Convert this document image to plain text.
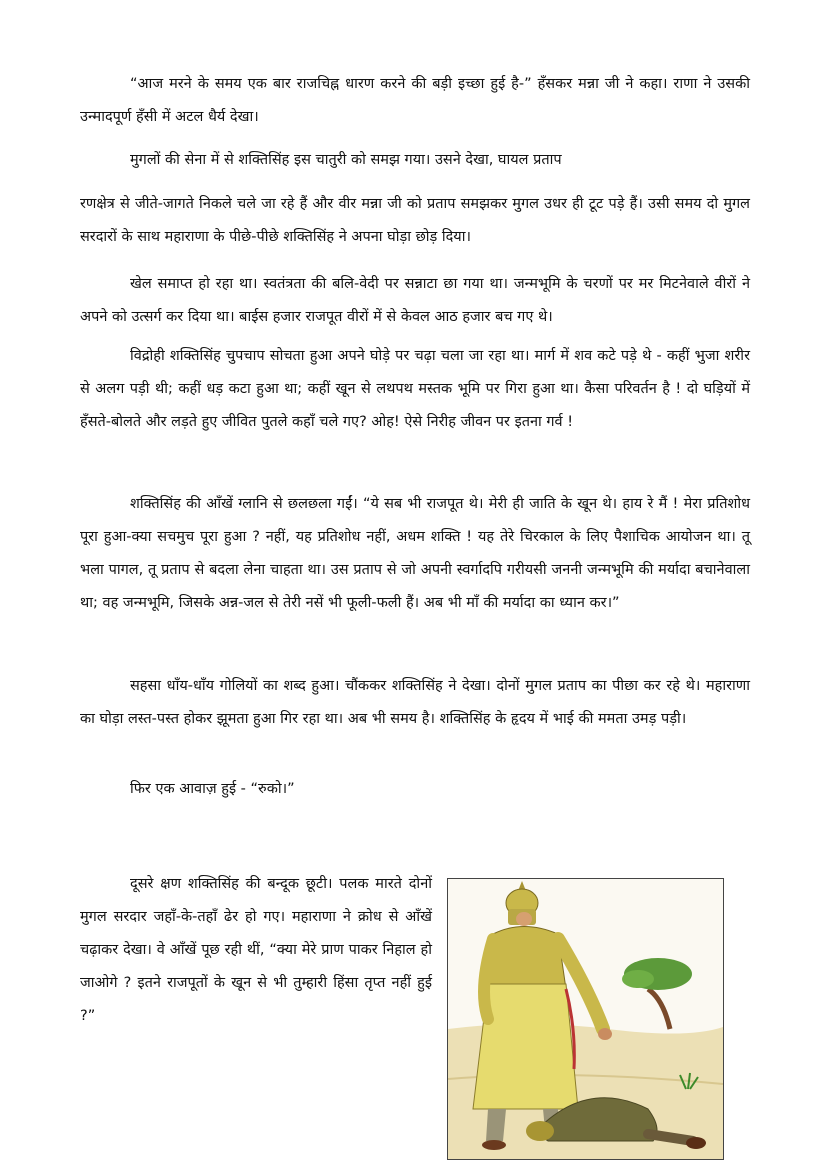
“आज मरने के समय एक बार राजचिह्न धारण करने की बड़ी इच्छा हुई है-” हँसकर मन्ना जी ने कहा। राणा ने उसकी उन्मादपूर्ण हँसी में अटल धैर्य देखा।

मुगलों की सेना में से शक्तिसिंह इस चातुरी को समझ गया। उसने देखा, घायल प्रताप

रणक्षेत्र से जीते-जागते निकले चले जा रहे हैं और वीर मन्ना जी को प्रताप समझकर मुगल उधर ही टूट पड़े हैं। उसी समय दो मुगल सरदारों के साथ महाराणा के पीछे-पीछे शक्तिसिंह ने अपना घोड़ा छोड़ दिया।

खेल समाप्त हो रहा था। स्वतंत्रता की बलि-वेदी पर सन्नाटा छा गया था। जन्मभूमि के चरणों पर मर मिटनेवाले वीरों ने अपने को उत्सर्ग कर दिया था। बाईस हजार राजपूत वीरों में से केवल आठ हजार बच गए थे।

विद्रोही शक्तिसिंह चुपचाप सोचता हुआ अपने घोड़े पर चढ़ा चला जा रहा था। मार्ग में शव कटे पड़े थे - कहीं भुजा शरीर से अलग पड़ी थी; कहीं धड़ कटा हुआ था; कहीं खून से लथपथ मस्तक भूमि पर गिरा हुआ था। कैसा परिवर्तन है ! दो घड़ियों में हँसते-बोलते और लड़ते हुए जीवित पुतले कहाँ चले गए? ओह! ऐसे निरीह जीवन पर इतना गर्व !

शक्तिसिंह की आँखें ग्लानि से छलछला गईं। “ये सब भी राजपूत थे। मेरी ही जाति के खून थे। हाय रे मैं ! मेरा प्रतिशोध पूरा हुआ-क्या सचमुच पूरा हुआ ? नहीं, यह प्रतिशोध नहीं, अधम शक्ति ! यह तेरे चिरकाल के लिए पैशाचिक आयोजन था। तू भला पागल, तू प्रताप से बदला लेना चाहता था। उस प्रताप से जो अपनी स्वर्गादपि गरीयसी जननी जन्मभूमि की मर्यादा बचानेवाला था; वह जन्मभूमि, जिसके अन्न-जल से तेरी नसें भी फूली-फली हैं। अब भी माँ की मर्यादा का ध्यान कर।”

सहसा धाँय-धाँय गोलियों का शब्द हुआ। चौंककर शक्तिसिंह ने देखा। दोनों मुगल प्रताप का पीछा कर रहे थे। महाराणा का घोड़ा लस्त-पस्त होकर झूमता हुआ गिर रहा था। अब भी समय है। शक्तिसिंह के हृदय में भाई की ममता उमड़ पड़ी।

फिर एक आवाज़ हुई - “रुको।”

दूसरे क्षण शक्तिसिंह की बन्दूक छूटी। पलक मारते दोनों मुगल सरदार जहाँ-के-तहाँ ढेर हो गए। महाराणा ने क्रोध से आँखें चढ़ाकर देखा। वे आँखें पूछ रही थीं, “क्या मेरे प्राण पाकर निहाल हो जाओगे ? इतने राजपूतों के खून से भी तुम्हारी हिंसा तृप्त नहीं हुई ?”
